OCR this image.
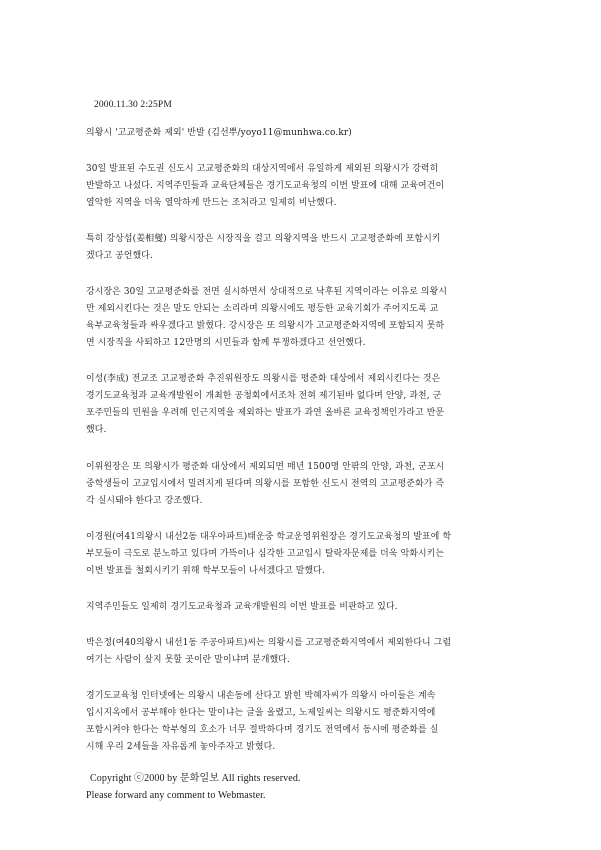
2000.11.30 2:25PM
의왕시 '고교평준화 제외' 반발 (김선뿌/yoyo11@munhwa.co.kr)
30일 발표된 수도권 신도시 고교평준화의 대상지역에서 유일하게 제외된 의왕시가 강력히
반발하고 나섰다. 지역주민들과 교육단체들은 경기도교육청의 이번 발표에 대해 교육여건이
열악한 지역을 더욱 열악하게 만드는 조처라고 일제히 비난했다.
특히 강상섭(姜相燮) 의왕시장은 시장직을 걸고 의왕지역을 반드시 고교평준화에 포함시키
겠다고 공언했다.
강시장은 30일 고교평준화를 전면 실시하면서 상대적으로 낙후된 지역이라는 이유로 의왕시
만 제외시킨다는 것은 말도 안되는 소리라며 의왕시에도 평등한 교육기회가 주어지도록 교
육부교육청들과 싸우겠다고 밝혔다. 강시장은 또 의왕시가 고교평준화지역에 포함되지 못하
면 시장직을 사퇴하고 12만명의 시민들과 함께 투쟁하겠다고 선언했다.
이성(李成) 전교조 고교평준화 추진위원장도 의왕시를 평준화 대상에서 제외시킨다는 것은
경기도교육청과 교육개발원이 개최한 공청회에서조차 전혀 제기된바 없다며 안양, 과천, 군
포주민들의 민원을 우려해 인근지역을 제외하는 발표가 과연 올바른 교육정책인가라고 반문
했다.
이위원장은 또 의왕시가 평준화 대상에서 제외되면 매년 1500명 안팎의 안양, 과천, 군포시
중학생들이 고교입시에서 밀려지게 된다며 의왕시를 포함한 신도시 전역의 고교평준화가 즉
각 실시돼야 한다고 강조했다.
이경원(여41의왕시 내선2동 대우아파트)태운중 학교운영위원장은 경기도교육청의 발표에 학
부모들이 극도로 분노하고 있다며 가뜩이나 심각한 고교입시 탈락자문제를 더욱 악화시키는
이번 발표를 철회시키기 위해 학부모들이 나서겠다고 말했다.
지역주민들도 일제히 경기도교육청과 교육개발원의 이번 발표를 비판하고 있다.
박은정(여40의왕시 내선1동 주공아파트)씨는 의왕시를 고교평준화지역에서 제외한다니 그럼
여기는 사람이 살지 못할 곳이란 말이냐며 분개했다.
경기도교육청 인터넷에는 의왕시 내손동에 산다고 밝힌 박혜자씨가 의왕시 아이들은 계속
입시지옥에서 공부해야 한다는 말이냐는 글을 올렸고, 노제일씨는 의왕시도 평준화지역에
포함시켜야 한다는 학부형의 호소가 너무 절박하다며 경기도 전역에서 동시에 평준화를 실
시해 우리 2세들을 자유롭게 놓아주자고 밝혔다.
Copyright ⓒ2000 by 문화일보 All rights reserved.
Please forward any comment to Webmaster.
